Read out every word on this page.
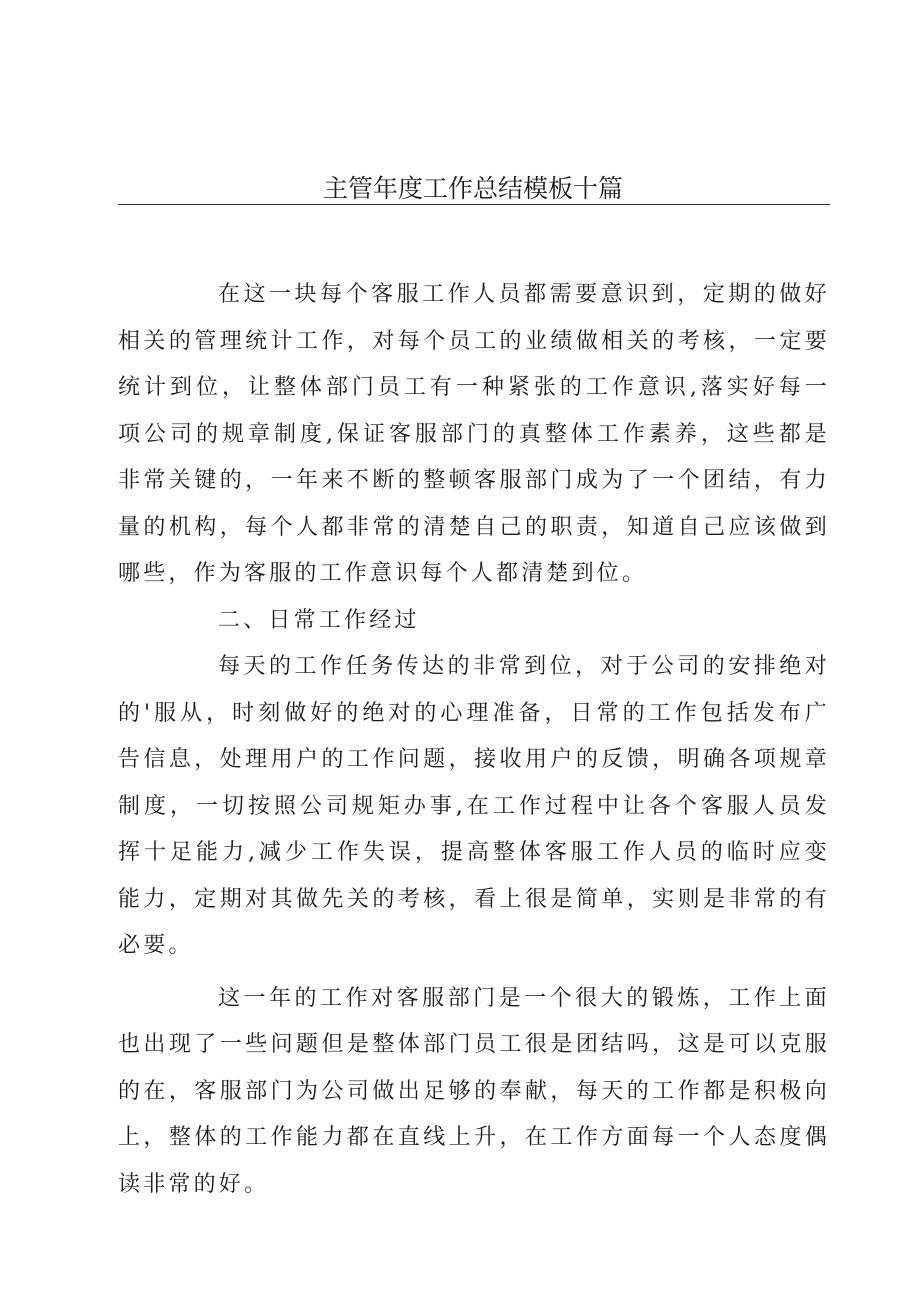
主管年度工作总结模板十篇

在这一块每个客服工作人员都需要意识到，定期的做好相关的管理统计工作，对每个员工的业绩做相关的考核，一定要统计到位，让整体部门员工有一种紧张的工作意识,落实好每一项公司的规章制度,保证客服部门的真整体工作素养，这些都是非常关键的，一年来不断的整顿客服部门成为了一个团结，有力量的机构，每个人都非常的清楚自己的职责，知道自己应该做到哪些，作为客服的工作意识每个人都清楚到位。

二、日常工作经过

每天的工作任务传达的非常到位，对于公司的安排绝对的'服从，时刻做好的绝对的心理准备，日常的工作包括发布广告信息，处理用户的工作问题，接收用户的反馈，明确各项规章制度，一切按照公司规矩办事,在工作过程中让各个客服人员发挥十足能力,减少工作失误，提高整体客服工作人员的临时应变能力，定期对其做先关的考核，看上很是简单，实则是非常的有必要。

这一年的工作对客服部门是一个很大的锻炼，工作上面也出现了一些问题但是整体部门员工很是团结吗，这是可以克服的在，客服部门为公司做出足够的奉献，每天的工作都是积极向上，整体的工作能力都在直线上升，在工作方面每一个人态度偶读非常的好。
